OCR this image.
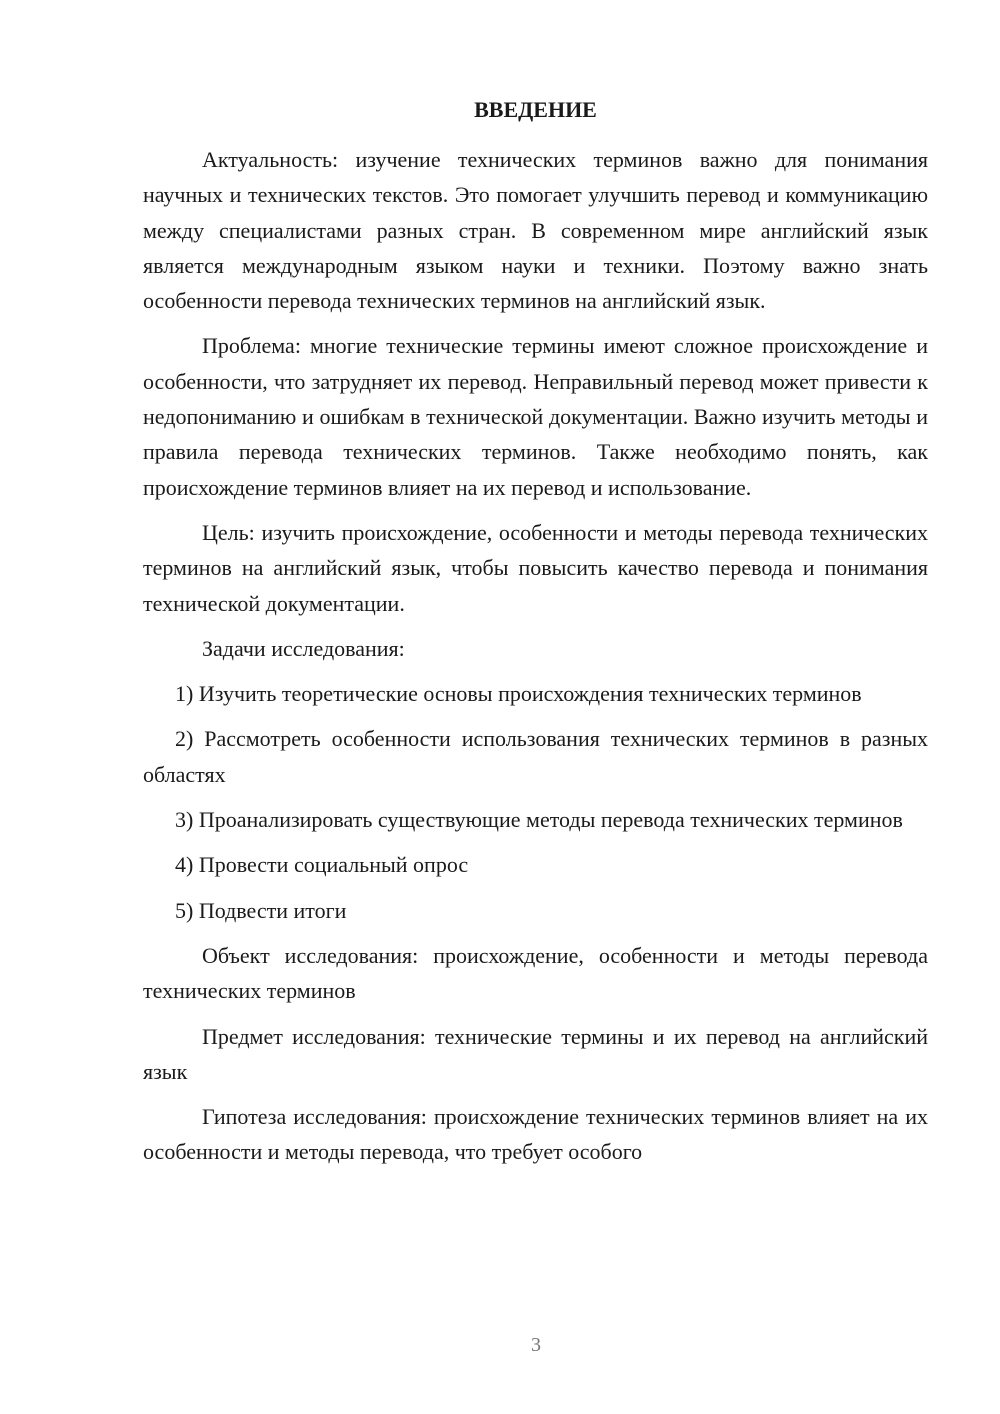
ВВЕДЕНИЕ

Актуальность: изучение технических терминов важно для понимания научных и технических текстов. Это помогает улучшить перевод и коммуникацию между специалистами разных стран. В современном мире английский язык является международным языком науки и техники. Поэтому важно знать особенности перевода технических терминов на английский язык.

Проблема: многие технические термины имеют сложное происхождение и особенности, что затрудняет их перевод. Неправильный перевод может привести к недопониманию и ошибкам в технической документации. Важно изучить методы и правила перевода технических терминов. Также необходимо понять, как происхождение терминов влияет на их перевод и использование.

Цель: изучить происхождение, особенности и методы перевода технических терминов на английский язык, чтобы повысить качество перевода и понимания технической документации.

Задачи исследования:

1) Изучить теоретические основы происхождения технических терминов

2) Рассмотреть особенности использования технических терминов в разных областях

3) Проанализировать существующие методы перевода технических терминов

4) Провести социальный опрос

5) Подвести итоги

Объект исследования: происхождение, особенности и методы перевода технических терминов

Предмет исследования: технические термины и их перевод на английский язык

Гипотеза исследования: происхождение технических терминов влияет на их особенности и методы перевода, что требует особого

3
